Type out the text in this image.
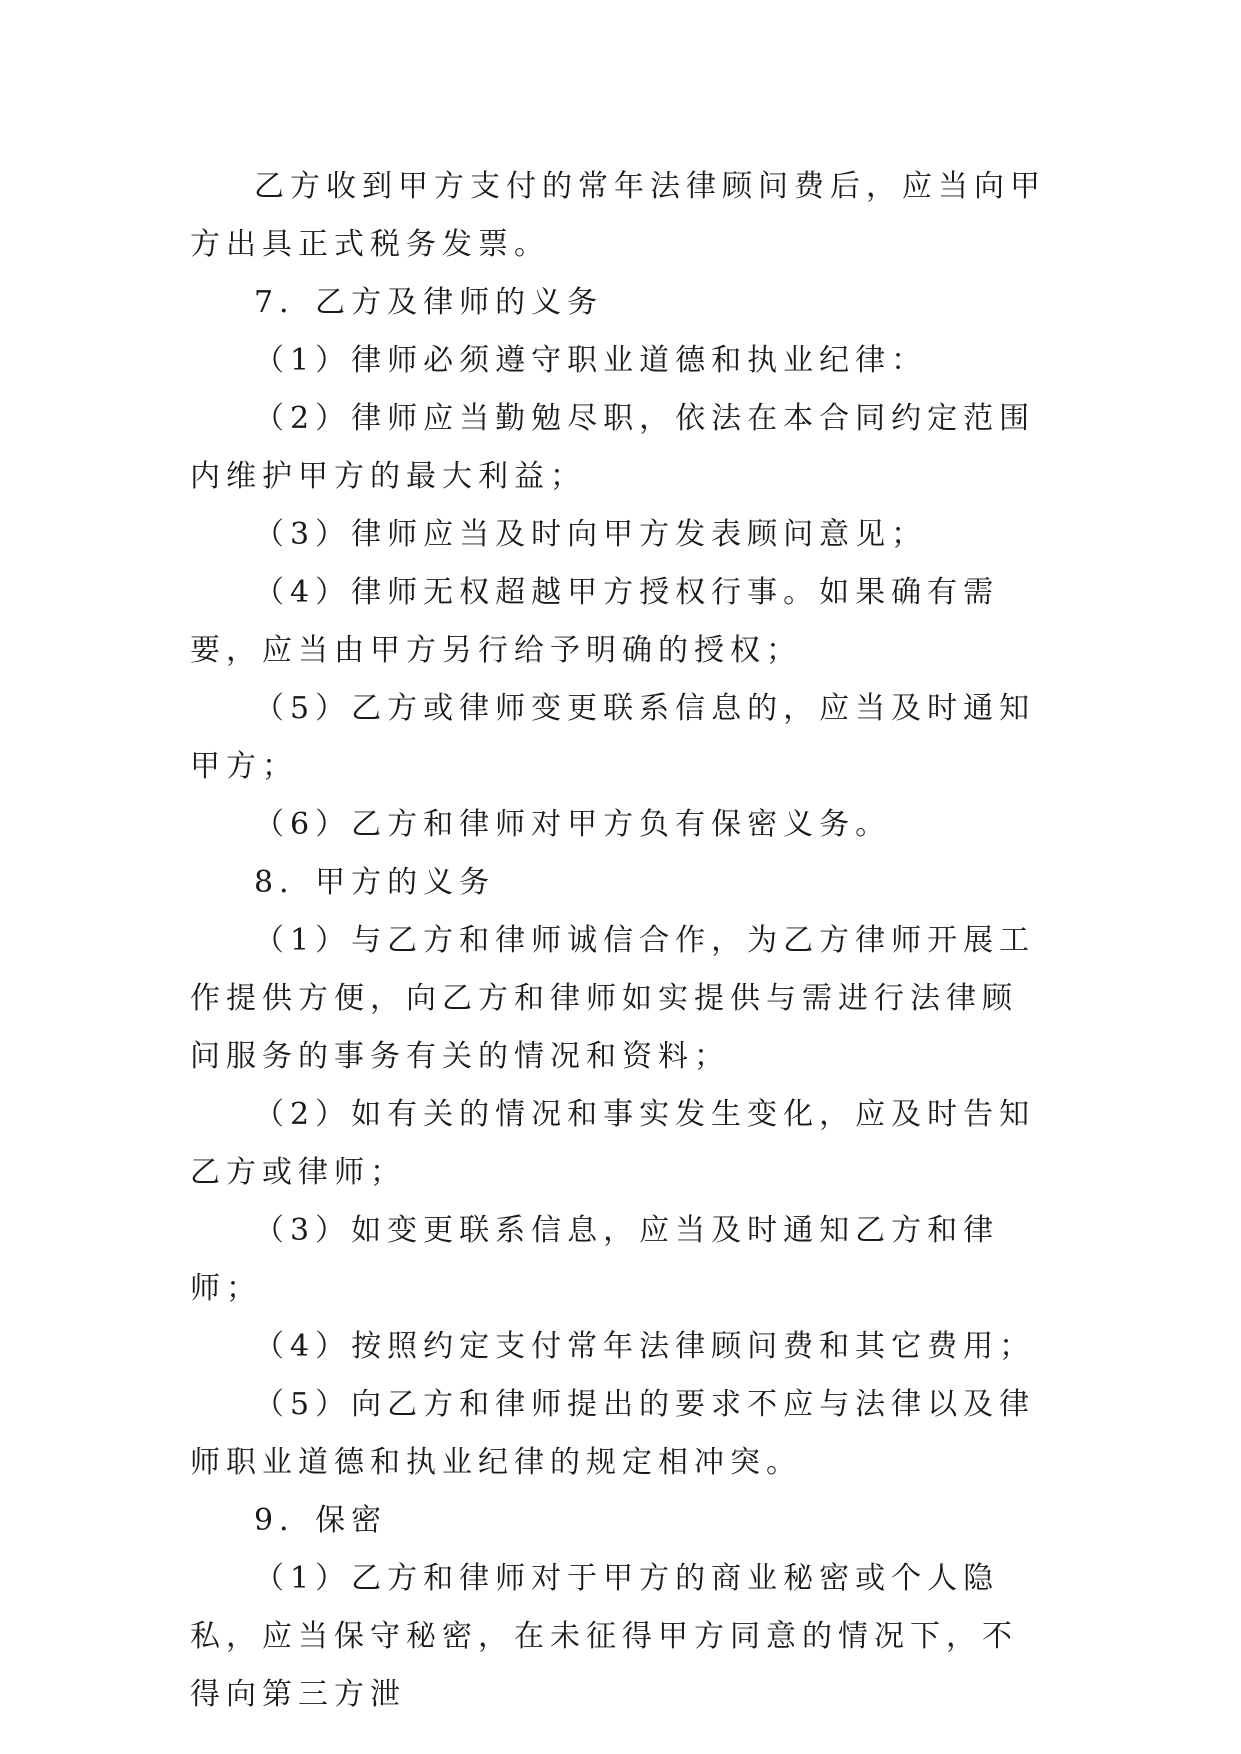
乙方收到甲方支付的常年法律顾问费后，应当向甲方出具正式税务发票。

7．乙方及律师的义务

（1）律师必须遵守职业道德和执业纪律：

（2）律师应当勤勉尽职，依法在本合同约定范围内维护甲方的最大利益；

（3）律师应当及时向甲方发表顾问意见；

（4）律师无权超越甲方授权行事。如果确有需要，应当由甲方另行给予明确的授权；

（5）乙方或律师变更联系信息的，应当及时通知甲方；

（6）乙方和律师对甲方负有保密义务。

8．甲方的义务

（1）与乙方和律师诚信合作，为乙方律师开展工作提供方便，向乙方和律师如实提供与需进行法律顾问服务的事务有关的情况和资料；

（2）如有关的情况和事实发生变化，应及时告知乙方或律师；

（3）如变更联系信息，应当及时通知乙方和律师；

（4）按照约定支付常年法律顾问费和其它费用；

（5）向乙方和律师提出的要求不应与法律以及律师职业道德和执业纪律的规定相冲突。

9．保密

（1）乙方和律师对于甲方的商业秘密或个人隐私，应当保守秘密，在未征得甲方同意的情况下，不得向第三方泄
